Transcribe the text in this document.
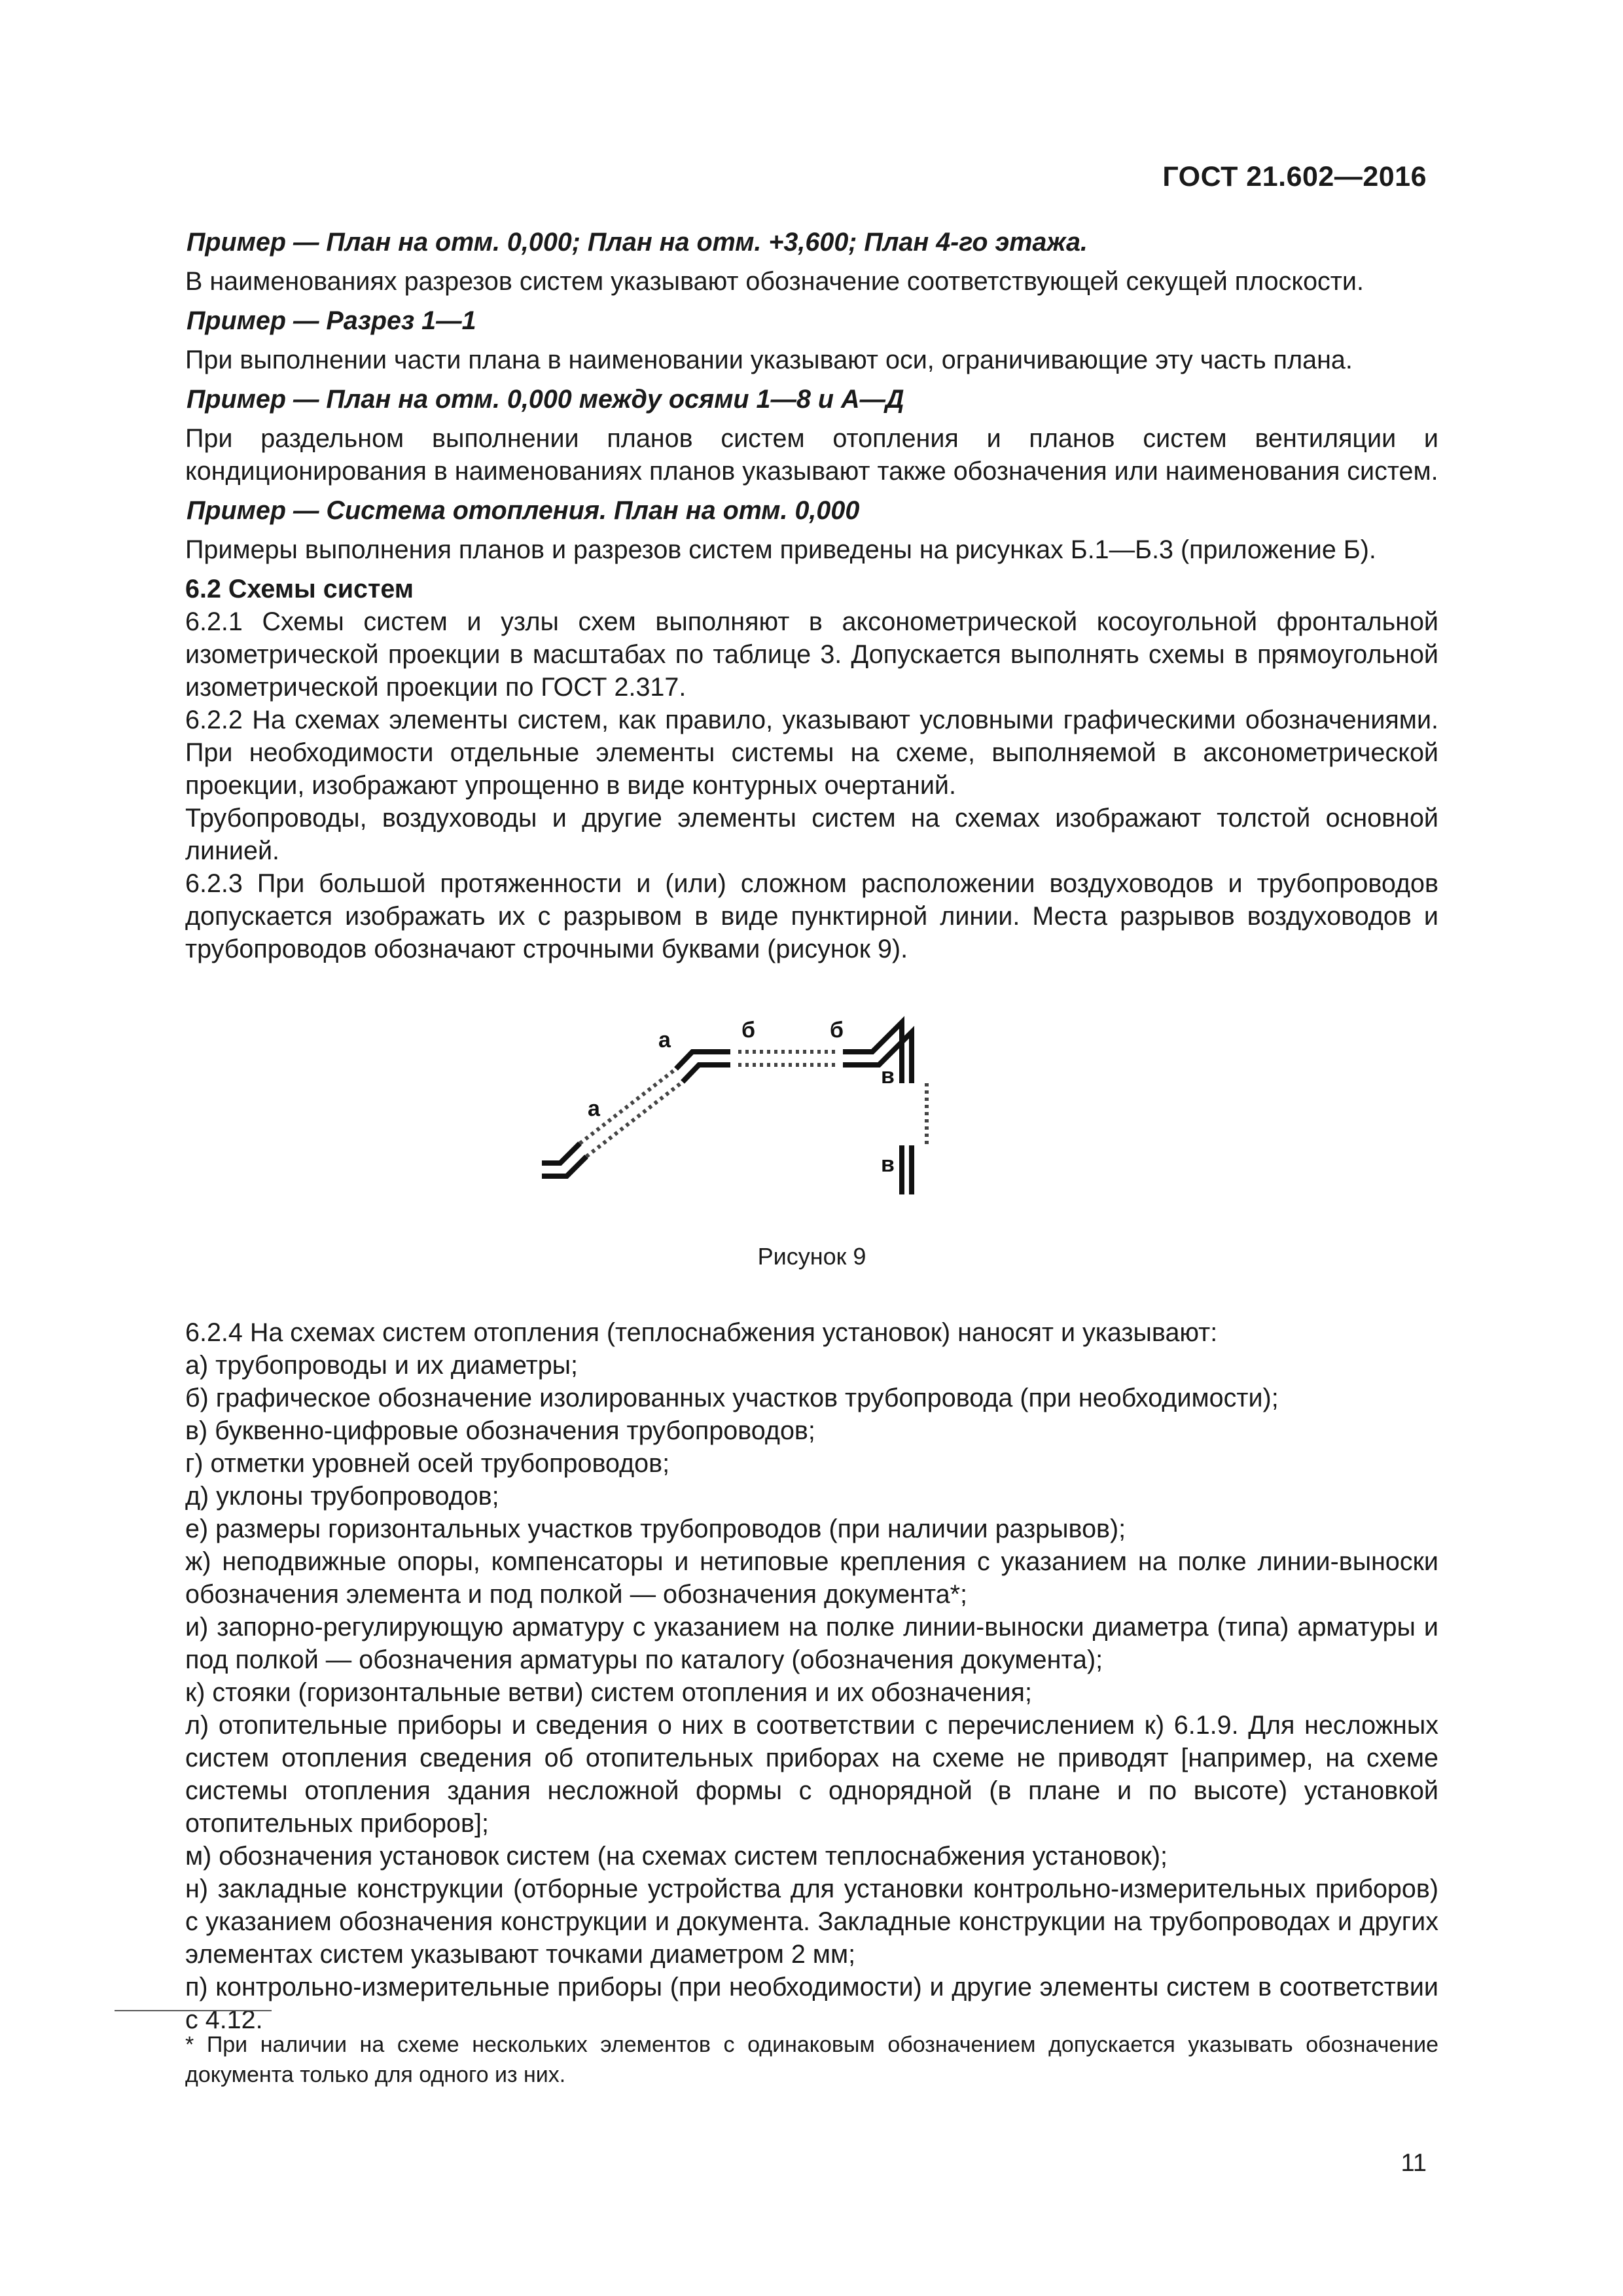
ГОСТ 21.602—2016

Пример — План на отм. 0,000; План на отм. +3,600; План 4-го этажа.

В наименованиях разрезов систем указывают обозначение соответствующей секущей плоскости.

Пример — Разрез 1—1

При выполнении части плана в наименовании указывают оси, ограничивающие эту часть плана.

Пример — План на отм. 0,000 между осями 1—8 и А—Д

При раздельном выполнении планов систем отопления и планов систем вентиляции и кондиционирования в наименованиях планов указывают также обозначения или наименования систем.

Пример — Система отопления. План на отм. 0,000

Примеры выполнения планов и разрезов систем приведены на рисунках Б.1—Б.3 (приложение Б).

6.2 Схемы систем

6.2.1 Схемы систем и узлы схем выполняют в аксонометрической косоугольной фронтальной изометрической проекции в масштабах по таблице 3. Допускается выполнять схемы в прямоугольной изометрической проекции по ГОСТ 2.317.

6.2.2 На схемах элементы систем, как правило, указывают условными графическими обозначениями. При необходимости отдельные элементы системы на схеме, выполняемой в аксонометрической проекции, изображают упрощенно в виде контурных очертаний.

Трубопроводы, воздуховоды и другие элементы систем на схемах изображают толстой основной линией.

6.2.3 При большой протяженности и (или) сложном расположении воздуховодов и трубопроводов допускается изображать их с разрывом в виде пунктирной линии. Места разрывов воздуховодов и трубопроводов обозначают строчными буквами (рисунок 9).

а
а	б	б
в
в
Рисунок 9

6.2.4 На схемах систем отопления (теплоснабжения установок) наносят и указывают:

а) трубопроводы и их диаметры;

б) графическое обозначение изолированных участков трубопровода (при необходимости);

в) буквенно-цифровые обозначения трубопроводов;

г) отметки уровней осей трубопроводов;

д) уклоны трубопроводов;

е) размеры горизонтальных участков трубопроводов (при наличии разрывов);

ж) неподвижные опоры, компенсаторы и нетиповые крепления с указанием на полке линии-выноски обозначения элемента и под полкой — обозначения документа*;

и) запорно-регулирующую арматуру с указанием на полке линии-выноски диаметра (типа) арматуры и под полкой — обозначения арматуры по каталогу (обозначения документа);

к) стояки (горизонтальные ветви) систем отопления и их обозначения;

л) отопительные приборы и сведения о них в соответствии с перечислением к) 6.1.9. Для несложных систем отопления сведения об отопительных приборах на схеме не приводят [например, на схеме системы отопления здания несложной формы с однорядной (в плане и по высоте) установкой отопительных приборов];

м) обозначения установок систем (на схемах систем теплоснабжения установок);

н) закладные конструкции (отборные устройства для установки контрольно-измерительных приборов) с указанием обозначения конструкции и документа. Закладные конструкции на трубопроводах и других элементах систем указывают точками диаметром 2 мм;

п) контрольно-измерительные приборы (при необходимости) и другие элементы систем в соответствии с 4.12.

* При наличии на схеме нескольких элементов с одинаковым обозначением допускается указывать обозначение документа только для одного из них.
11
